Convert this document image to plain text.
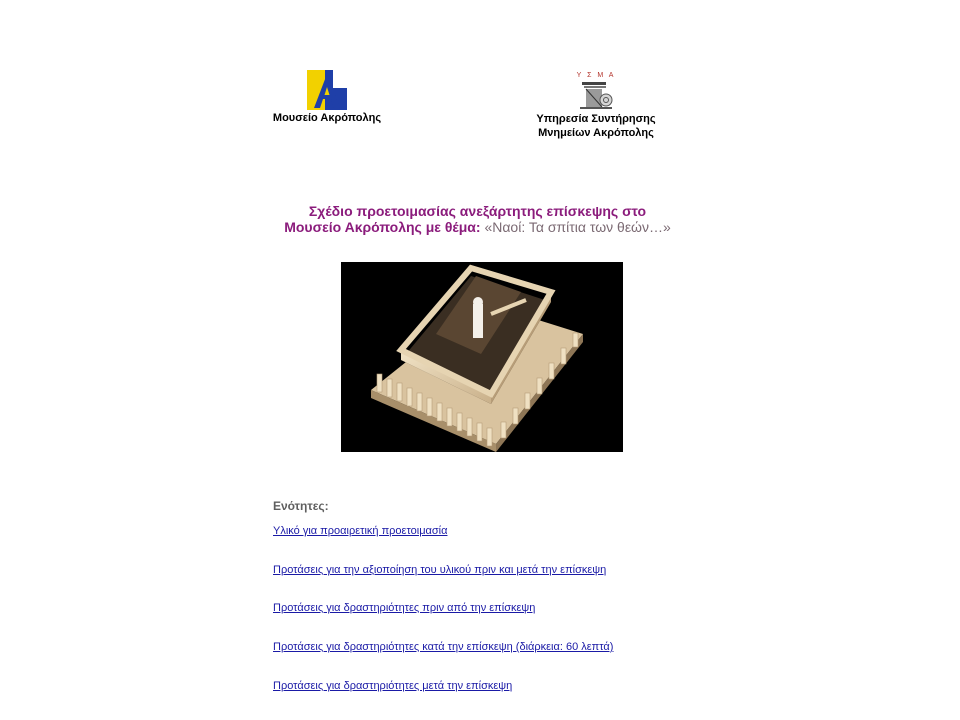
Μουσείο Ακρόπολης
Υ Σ Μ Α
Υπηρεσία Συντήρησης
Μνημείων Ακρόπολης
Σχέδιο προετοιμασίας ανεξάρτητης επίσκεψης στο
Μουσείο Ακρόπολης με θέμα: «Ναοί: Τα σπίτια των θεών…»
Ενότητες:
Υλικό για προαιρετική προετοιμασία
Προτάσεις για την αξιοποίηση του υλικού πριν και μετά την επίσκεψη
Προτάσεις για δραστηριότητες πριν από την επίσκεψη
Προτάσεις για δραστηριότητες κατά την επίσκεψη (διάρκεια: 60 λεπτά)
Προτάσεις για δραστηριότητες μετά την επίσκεψη
